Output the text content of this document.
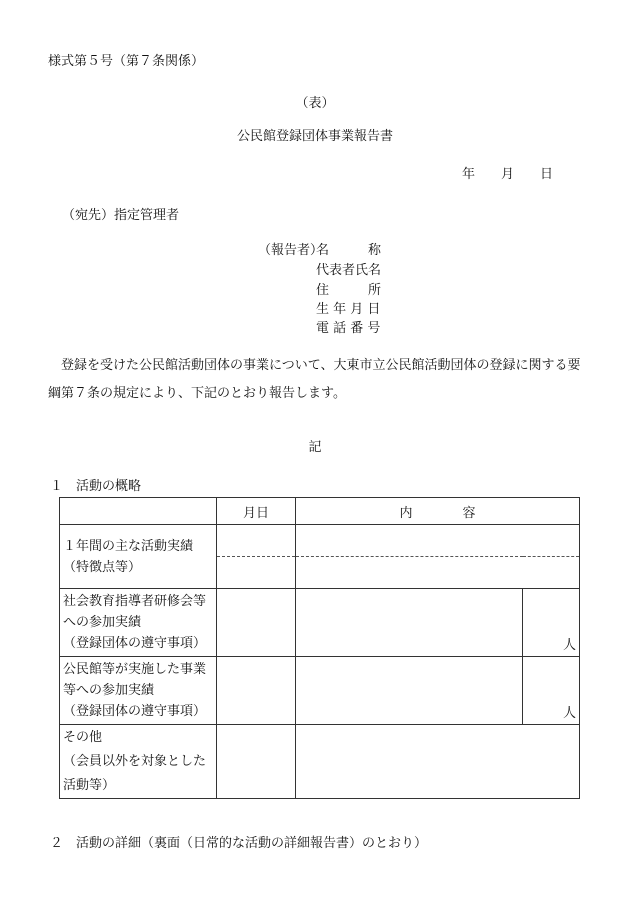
様式第５号（第７条関係）
（表）
公民館登録団体事業報告書
年 月 日
（宛先）指定管理者
（報告者）
名　　　称
代表者氏名
住　　　所
生 年 月 日
電 話 番 号
登録を受けた公民館活動団体の事業について、大東市立公民館活動団体の登録に関する要綱第７条の規定により、下記のとおり報告します。
記
１　活動の概略
	月日	内 容	

１年間の主な活動実績
（特徴点等）			

社会教育指導者研修会等
への参加実績
（登録団体の遵守事項）			人

公民館等が実施した事業
等への参加実績
（登録団体の遵守事項）			人

その他
（会員以外を対象とした
活動等）			

２　活動の詳細（裏面（日常的な活動の詳細報告書）のとおり）
